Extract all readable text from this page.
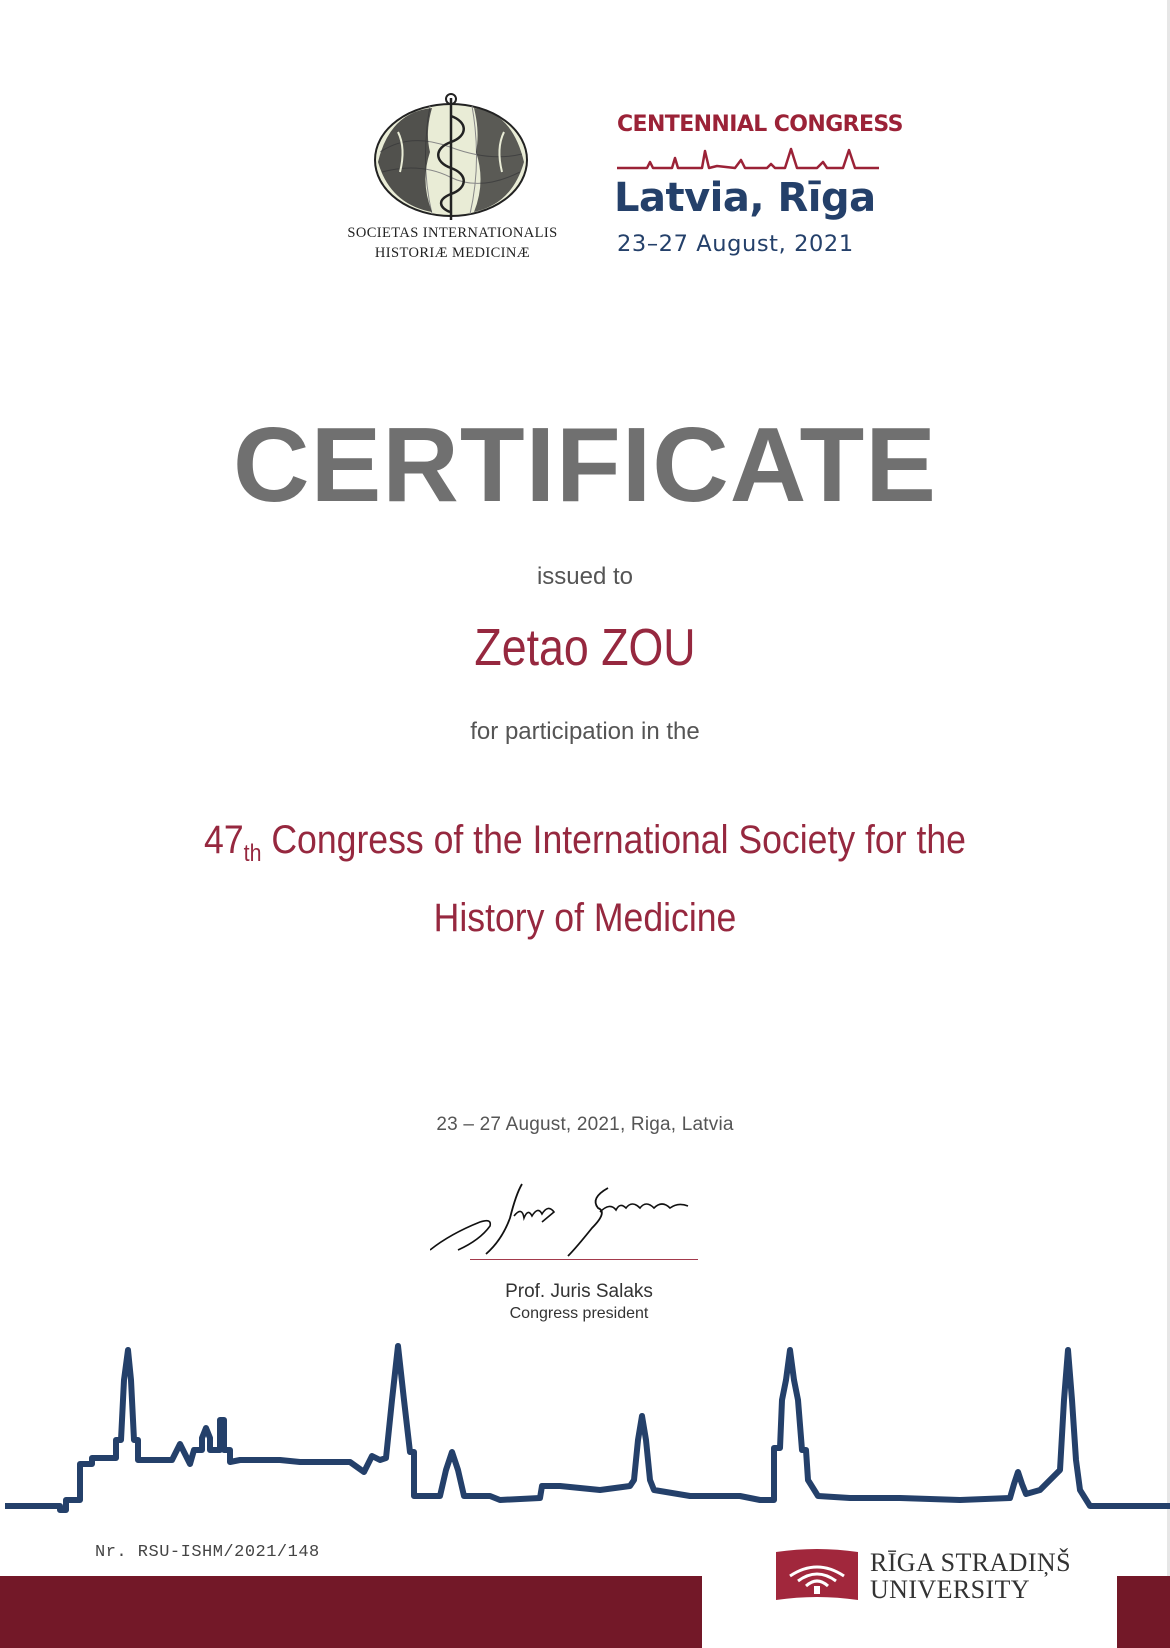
SOCIETAS INTERNATIONALIS
HISTORIÆ MEDICINÆ
CENTENNIAL CONGRESS
Latvia, Rīga
23–27 August, 2021
CERTIFICATE
issued to
Zetao ZOU
for participation in the
$47_{th}$ Congress of the International Society for the
History of Medicine
23 – 27 August, 2021, Riga, Latvia
Prof. Juris Salaks
Congress president
Nr. RSU-ISHM/2021/148	RĪGA STRADIŅŠ
UNIVERSITY
